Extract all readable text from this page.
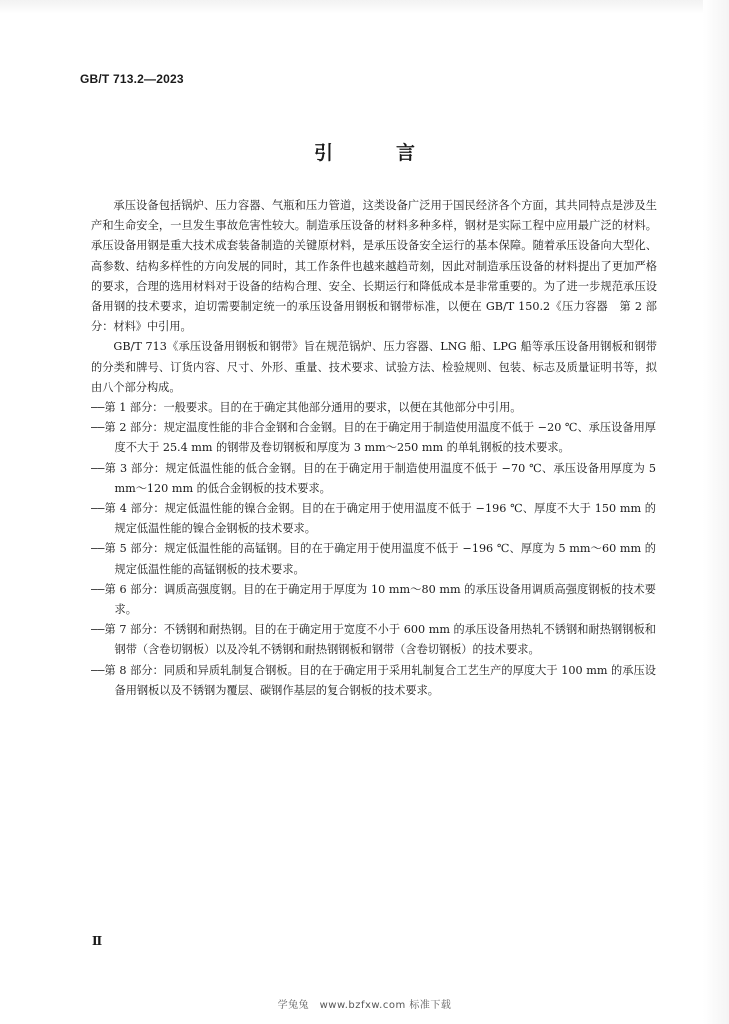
GB/T 713.2—2023
引　言

承压设备包括锅炉、压力容器、气瓶和压力管道，这类设备广泛用于国民经济各个方面，其共同特点是涉及生产和生命安全，一旦发生事故危害性较大。制造承压设备的材料多种多样，钢材是实际工程中应用最广泛的材料。承压设备用钢是重大技术成套装备制造的关键原材料，是承压设备安全运行的基本保障。随着承压设备向大型化、高参数、结构多样性的方向发展的同时，其工作条件也越来越趋苛刻，因此对制造承压设备的材料提出了更加严格的要求，合理的选用材料对于设备的结构合理、安全、长期运行和降低成本是非常重要的。为了进一步规范承压设备用钢的技术要求，迫切需要制定统一的承压设备用钢板和钢带标准，以便在 GB/T 150.2《压力容器　第 2 部分：材料》中引用。

GB/T 713《承压设备用钢板和钢带》旨在规范锅炉、压力容器、LNG 船、LPG 船等承压设备用钢板和钢带的分类和牌号、订货内容、尺寸、外形、重量、技术要求、试验方法、检验规则、包装、标志及质量证明书等，拟由八个部分构成。

——第 1 部分：一般要求。目的在于确定其他部分通用的要求，以便在其他部分中引用。

——第 2 部分：规定温度性能的非合金钢和合金钢。目的在于确定用于制造使用温度不低于 −20 ℃、承压设备用厚度不大于 25.4 mm 的钢带及卷切钢板和厚度为 3 mm～250 mm 的单轧钢板的技术要求。

——第 3 部分：规定低温性能的低合金钢。目的在于确定用于制造使用温度不低于 −70 ℃、承压设备用厚度为 5 mm～120 mm 的低合金钢板的技术要求。

——第 4 部分：规定低温性能的镍合金钢。目的在于确定用于使用温度不低于 −196 ℃、厚度不大于 150 mm 的规定低温性能的镍合金钢板的技术要求。

——第 5 部分：规定低温性能的高锰钢。目的在于确定用于使用温度不低于 −196 ℃、厚度为 5 mm～60 mm 的规定低温性能的高锰钢板的技术要求。

——第 6 部分：调质高强度钢。目的在于确定用于厚度为 10 mm～80 mm 的承压设备用调质高强度钢板的技术要求。

——第 7 部分：不锈钢和耐热钢。目的在于确定用于宽度不小于 600 mm 的承压设备用热轧不锈钢和耐热钢钢板和钢带（含卷切钢板）以及冷轧不锈钢和耐热钢钢板和钢带（含卷切钢板）的技术要求。

——第 8 部分：同质和异质轧制复合钢板。目的在于确定用于采用轧制复合工艺生产的厚度大于 100 mm 的承压设备用钢板以及不锈钢为覆层、碳钢作基层的复合钢板的技术要求。

Ⅱ
学兔兔　www.bzfxw.com 标准下载
